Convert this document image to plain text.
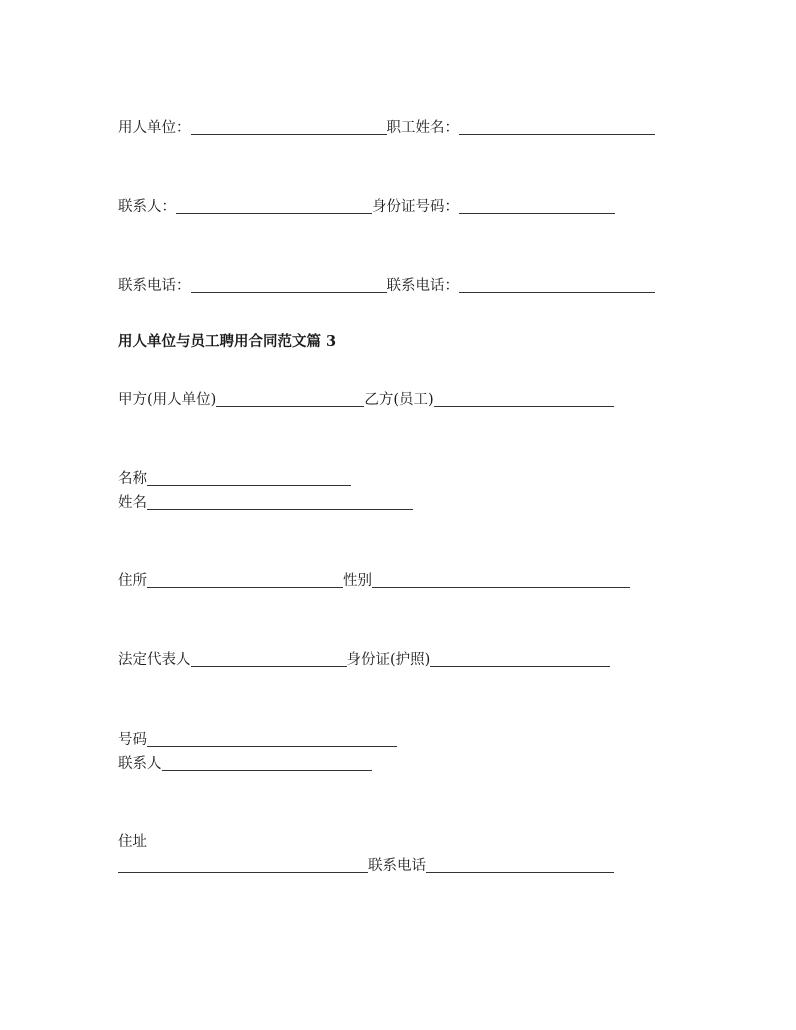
用人单位：	职工姓名：
联系人：	身份证号码：
联系电话：	联系电话：
用人单位与员工聘用合同范文篇 3
甲方(用人单位)	乙方(员工)
名称
姓名
住所	性别
法定代表人	身份证(护照)
号码
联系人
住址
联系电话
